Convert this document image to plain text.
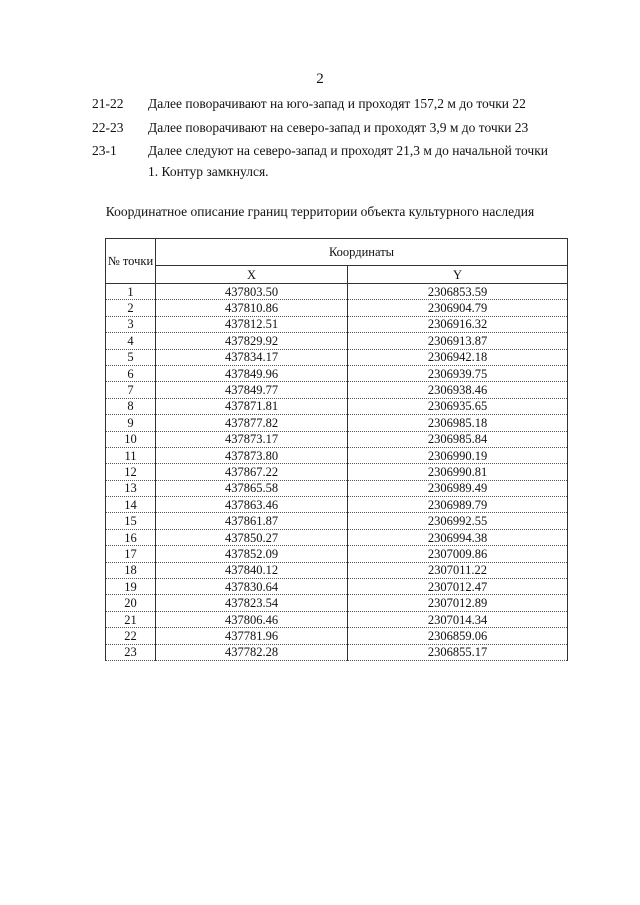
2
21-22	Далее поворачивают на юго-запад и проходят 157,2 м до точки 22
22-23	Далее поворачивают на северо-запад и проходят 3,9 м до точки 23
23-1	Далее следуют на северо-запад и проходят 21,3 м до начальной точки
1. Контур замкнулся.
Координатное описание границ территории объекта культурного наследия
№ точки	Координаты	
	X	Y
1	437803.50	2306853.59
2	437810.86	2306904.79
3	437812.51	2306916.32
4	437829.92	2306913.87
5	437834.17	2306942.18
6	437849.96	2306939.75
7	437849.77	2306938.46
8	437871.81	2306935.65
9	437877.82	2306985.18
10	437873.17	2306985.84
11	437873.80	2306990.19
12	437867.22	2306990.81
13	437865.58	2306989.49
14	437863.46	2306989.79
15	437861.87	2306992.55
16	437850.27	2306994.38
17	437852.09	2307009.86
18	437840.12	2307011.22
19	437830.64	2307012.47
20	437823.54	2307012.89
21	437806.46	2307014.34
22	437781.96	2306859.06
23	437782.28	2306855.17
